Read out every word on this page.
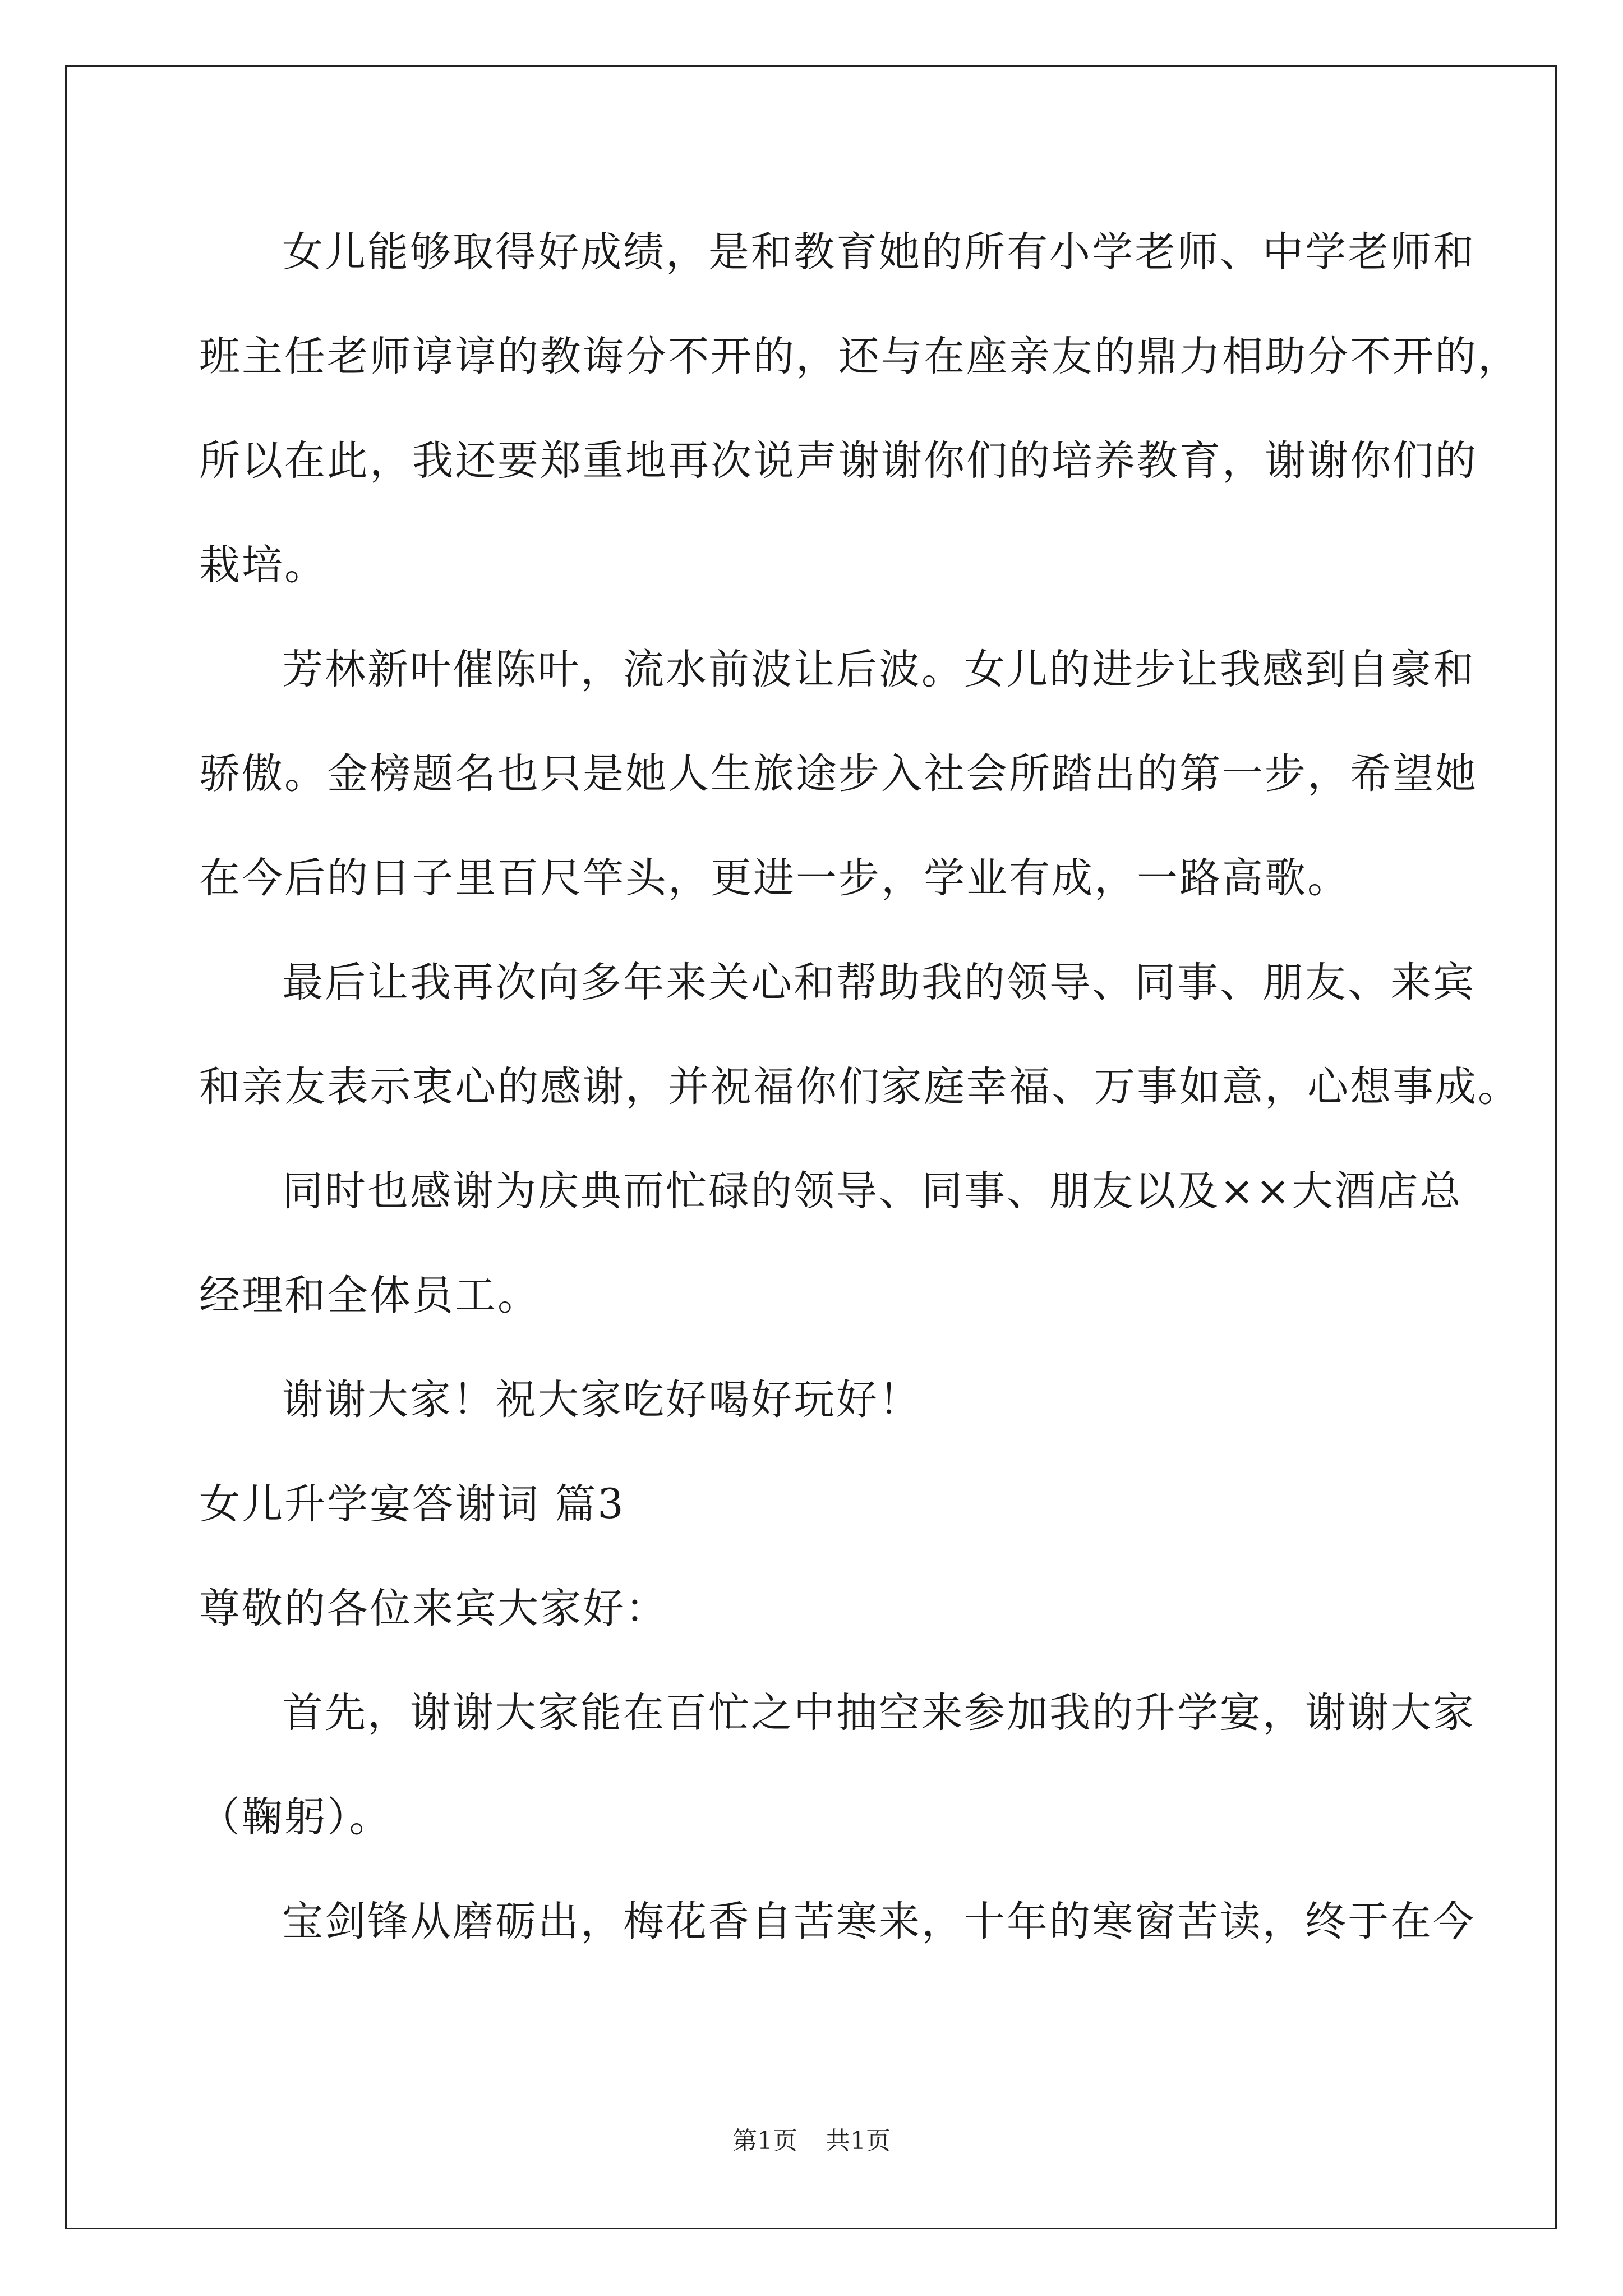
女儿能够取得好成绩，是和教育她的所有小学老师、中学老师和
班主任老师谆谆的教诲分不开的，还与在座亲友的鼎力相助分不开的，
所以在此，我还要郑重地再次说声谢谢你们的培养教育，谢谢你们的
栽培。
芳林新叶催陈叶，流水前波让后波。女儿的进步让我感到自豪和
骄傲。金榜题名也只是她人生旅途步入社会所踏出的第一步，希望她
在今后的日子里百尺竿头，更进一步，学业有成，一路高歌。
最后让我再次向多年来关心和帮助我的领导、同事、朋友、来宾
和亲友表示衷心的感谢，并祝福你们家庭幸福、万事如意，心想事成。
同时也感谢为庆典而忙碌的领导、同事、朋友以及××大酒店总
经理和全体员工。
谢谢大家！祝大家吃好喝好玩好！
女儿升学宴答谢词 篇3
尊敬的各位来宾大家好：
首先，谢谢大家能在百忙之中抽空来参加我的升学宴，谢谢大家
（鞠躬）。
宝剑锋从磨砺出，梅花香自苦寒来，十年的寒窗苦读，终于在今
第1页 共1页
